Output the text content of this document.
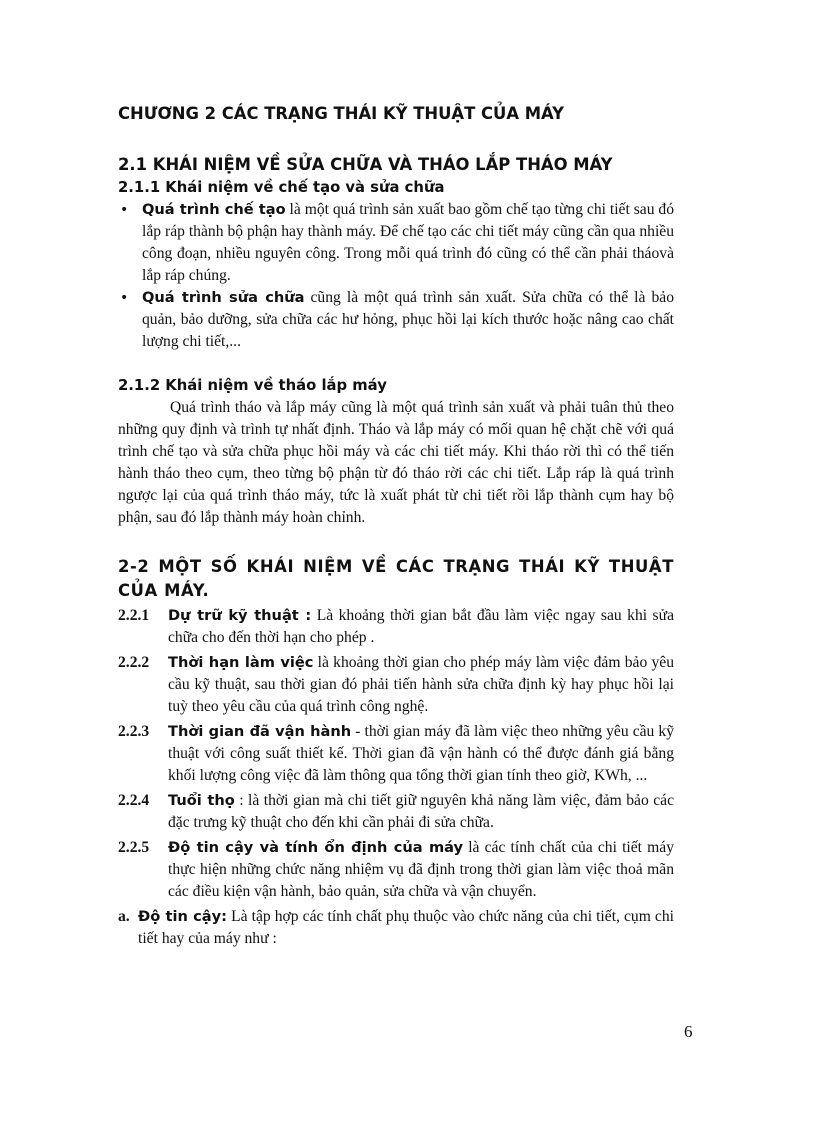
CHƯƠNG 2 CÁC TRẠNG THÁI KỸ THUẬT CỦA MÁY
2.1 KHÁI NIỆM VỀ SỬA CHỮA VÀ THÁO LẮP THÁO MÁY
2.1.1 Khái niệm về chế tạo và sửa chữa
• Quá trình chế tạo là một quá trình sản xuất bao gồm chế tạo từng chi tiết sau đó lắp ráp thành bộ phận hay thành máy. Để chế tạo các chi tiết máy cũng cần qua nhiều công đoạn, nhiều nguyên công. Trong mỗi quá trình đó cũng có thể cần phải tháovà lắp ráp chúng.
• Quá trình sửa chữa cũng là một quá trình sản xuất. Sửa chữa có thể là bảo quản, bảo dưỡng, sửa chữa các hư hỏng, phục hồi lại kích thước hoặc nâng cao chất lượng chi tiết,...
2.1.2 Khái niệm về tháo lắp máy

Quá trình tháo và lắp máy cũng là một quá trình sản xuất và phải tuân thủ theo những quy định và trình tự nhất định. Tháo và lắp máy có mối quan hệ chặt chẽ với quá trình chế tạo và sửa chữa phục hồi máy và các chi tiết máy. Khi tháo rời thì có thể tiến hành tháo theo cụm, theo từng bộ phận từ đó tháo rời các chi tiết. Lắp ráp là quá trình ngược lại của quá trình tháo máy, tức là xuất phát từ chi tiết rồi lắp thành cụm hay bộ phận, sau đó lắp thành máy hoàn chỉnh.

2-2 MỘT SỐ KHÁI NIỆM VỀ CÁC TRẠNG THÁI KỸ THUẬT CỦA MÁY.
2.2.1 Dự trữ kỹ thuật : Là khoảng thời gian bắt đầu làm việc ngay sau khi sửa chữa cho đến thời hạn cho phép .
2.2.2 Thời hạn làm việc là khoảng thời gian cho phép máy làm việc đảm bảo yêu cầu kỹ thuật, sau thời gian đó phải tiến hành sửa chữa định kỳ hay phục hồi lại tuỳ theo yêu cầu của quá trình công nghệ.
2.2.3 Thời gian đã vận hành - thời gian máy đã làm việc theo những yêu cầu kỹ thuật với công suất thiết kế. Thời gian đã vận hành có thể được đánh giá bằng khối lượng công việc đã làm thông qua tổng thời gian tính theo giờ, KWh, ...
2.2.4 Tuổi thọ : là thời gian mà chi tiết giữ nguyên khả năng làm việc, đảm bảo các đặc trưng kỹ thuật cho đến khi cần phải đi sửa chữa.
2.2.5 Độ tin cậy và tính ổn định của máy là các tính chất của chi tiết máy thực hiện những chức năng nhiệm vụ đã định trong thời gian làm việc thoả mãn các điều kiện vận hành, bảo quản, sửa chữa và vận chuyển.
a. Độ tin cậy: Là tập hợp các tính chất phụ thuộc vào chức năng của chi tiết, cụm chi tiết hay của máy như :
6
